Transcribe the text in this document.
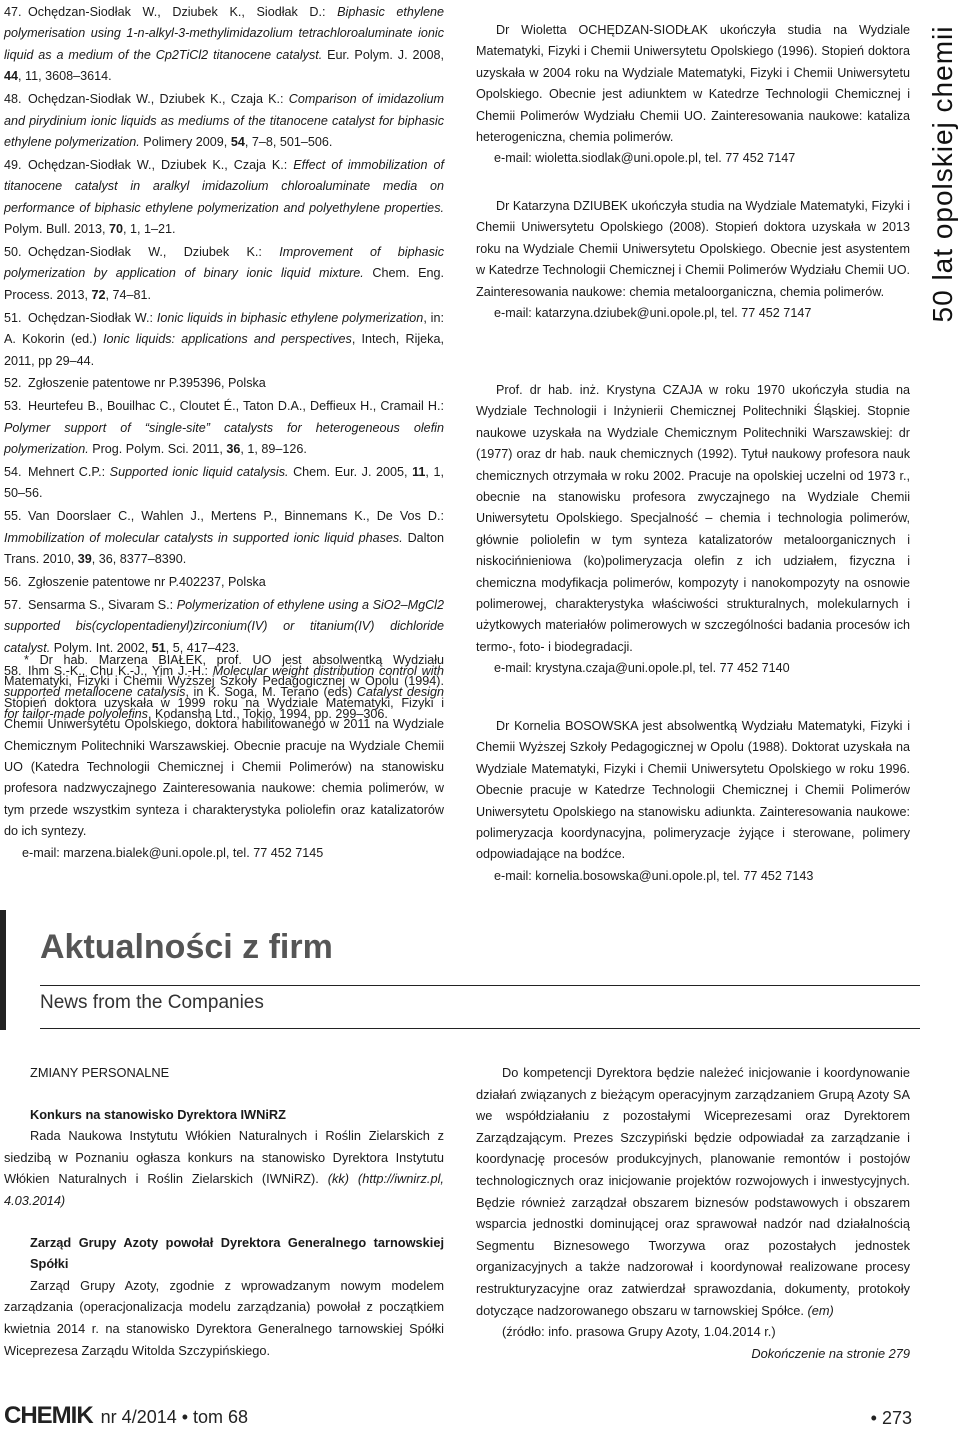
50 lat opolskiej chemii

47. Ochędzan-Siodłak W., Dziubek K., Siodłak D.: Biphasic ethylene polymerisation using 1-n-alkyl-3-methylimidazolium tetrachloroaluminate ionic liquid as a medium of the Cp2TiCl2 titanocene catalyst. Eur. Polym. J. 2008, 44, 11, 3608–3614.

48. Ochędzan-Siodłak W., Dziubek K., Czaja K.: Comparison of imidazolium and pirydinium ionic liquids as mediums of the titanocene catalyst for biphasic ethylene polymerization. Polimery 2009, 54, 7–8, 501–506.

49. Ochędzan-Siodłak W., Dziubek K., Czaja K.: Effect of immobilization of titanocene catalyst in aralkyl imidazolium chloroaluminate media on performance of biphasic ethylene polymerization and polyethylene properties. Polym. Bull. 2013, 70, 1, 1–21.

50. Ochędzan-Siodłak W., Dziubek K.: Improvement of biphasic polymerization by application of binary ionic liquid mixture. Chem. Eng. Process. 2013, 72, 74–81.

51. Ochędzan-Siodłak W.: Ionic liquids in biphasic ethylene polymerization, in: A. Kokorin (ed.) Ionic liquids: applications and perspectives, Intech, Rijeka, 2011, pp 29–44.

52. Zgłoszenie patentowe nr P.395396, Polska

53. Heurtefeu B., Bouilhac C., Cloutet É., Taton D.A., Deffieux H., Cramail H.: Polymer support of “single-site” catalysts for heterogeneous olefin polymerization. Prog. Polym. Sci. 2011, 36, 1, 89–126.

54. Mehnert C.P.: Supported ionic liquid catalysis. Chem. Eur. J. 2005, 11, 1, 50–56.

55. Van Doorslaer C., Wahlen J., Mertens P., Binnemans K., De Vos D.: Immobilization of molecular catalysts in supported ionic liquid phases. Dalton Trans. 2010, 39, 36, 8377–8390.

56. Zgłoszenie patentowe nr P.402237, Polska

57. Sensarma S., Sivaram S.: Polymerization of ethylene using a SiO2–MgCl2 supported bis(cyclopentadienyl)zirconium(IV) or titanium(IV) dichloride catalyst. Polym. Int. 2002, 51, 5, 417–423.

58. Ihm S.-K., Chu K.-J., Yim J.-H.: Molecular weight distribution control with supported metallocene catalysis, in K. Soga, M. Terano (eds) Catalyst design for tailor-made polyolefins, Kodansha Ltd., Tokio, 1994, pp. 299–306.

* Dr hab. Marzena BIAŁEK, prof. UO jest absolwentką Wydziału Matematyki, Fizyki i Chemii Wyższej Szkoły Pedagogicznej w Opolu (1994). Stopień doktora uzyskała w 1999 roku na Wydziale Matematyki, Fizyki i Chemii Uniwersytetu Opolskiego, doktora habilitowanego w 2011 na Wydziale Chemicznym Politechniki Warszawskiej. Obecnie pracuje na Wydziale Chemii UO (Katedra Technologii Chemicznej i Chemii Polimerów) na stanowisku profesora nadzwyczajnego Zainteresowania naukowe: chemia polimerów, w tym przede wszystkim synteza i charakterystyka poliolefin oraz katalizatorów do ich syntezy.

e-mail: marzena.bialek@uni.opole.pl, tel. 77 452 7145

Dr Wioletta OCHĘDZAN-SIODŁAK ukończyła studia na Wydziale Matematyki, Fizyki i Chemii Uniwersytetu Opolskiego (1996). Stopień doktora uzyskała w 2004 roku na Wydziale Matematyki, Fizyki i Chemii Uniwersytetu Opolskiego. Obecnie jest adiunktem w Katedrze Technologii Chemicznej i Chemii Polimerów Wydziału Chemii UO. Zainteresowania naukowe: kataliza heterogeniczna, chemia polimerów.

e-mail: wioletta.siodlak@uni.opole.pl, tel. 77 452 7147

Dr Katarzyna DZIUBEK ukończyła studia na Wydziale Matematyki, Fizyki i Chemii Uniwersytetu Opolskiego (2008). Stopień doktora uzyskała w 2013 roku na Wydziale Chemii Uniwersytetu Opolskiego. Obecnie jest asystentem w Katedrze Technologii Chemicznej i Chemii Polimerów Wydziału Chemii UO. Zainteresowania naukowe: chemia metaloorganiczna, chemia polimerów.

e-mail: katarzyna.dziubek@uni.opole.pl, tel. 77 452 7147

Prof. dr hab. inż. Krystyna CZAJA w roku 1970 ukończyła studia na Wydziale Technologii i Inżynierii Chemicznej Politechniki Śląskiej. Stopnie naukowe uzyskała na Wydziale Chemicznym Politechniki Warszawskiej: dr (1977) oraz dr hab. nauk chemicznych (1992). Tytuł naukowy profesora nauk chemicznych otrzymała w roku 2002. Pracuje na opolskiej uczelni od 1973 r., obecnie na stanowisku profesora zwyczajnego na Wydziale Chemii Uniwersytetu Opolskiego. Specjalność – chemia i technologia polimerów, głównie poliolefin w tym synteza katalizatorów metaloorganicznych i niskocińnieniowa (ko)polimeryzacja olefin z ich udziałem, fizyczna i chemiczna modyfikacja polimerów, kompozyty i nanokompozyty na osnowie polimerowej, charakterystyka właściwości strukturalnych, molekularnych i użytkowych materiałów polimerowych w szczególności badania procesów ich termo-, foto- i biodegradacji.

e-mail: krystyna.czaja@uni.opole.pl, tel. 77 452 7140

Dr Kornelia BOSOWSKA jest absolwentką Wydziału Matematyki, Fizyki i Chemii Wyższej Szkoły Pedagogicznej w Opolu (1988). Doktorat uzyskała na Wydziale Matematyki, Fizyki i Chemii Uniwersytetu Opolskiego w roku 1996. Obecnie pracuje w Katedrze Technologii Chemicznej i Chemii Polimerów Uniwersytetu Opolskiego na stanowisku adiunkta. Zainteresowania naukowe: polimeryzacja koordynacyjna, polimeryzacje żyjące i sterowane, polimery odpowiadające na bodźce.

e-mail: kornelia.bosowska@uni.opole.pl, tel. 77 452 7143

Aktualności z firm
News from the Companies

ZMIANY PERSONALNE

Konkurs na stanowisko Dyrektora IWNiRZ

Rada Naukowa Instytutu Włókien Naturalnych i Roślin Zielarskich z siedzibą w Poznaniu ogłasza konkurs na stanowisko Dyrektora Instytutu Włókien Naturalnych i Roślin Zielarskich (IWNiRZ). (kk) (http://iwnirz.pl, 4.03.2014)

Zarząd Grupy Azoty powołał Dyrektora Generalnego tarnowskiej Spółki

Zarząd Grupy Azoty, zgodnie z wprowadzanym nowym modelem zarządzania (operacjonalizacja modelu zarządzania) powołał z początkiem kwietnia 2014 r. na stanowisko Dyrektora Generalnego tarnowskiej Spółki Wiceprezesa Zarządu Witolda Szczypińskiego.

Do kompetencji Dyrektora będzie należeć inicjowanie i koordynowanie działań związanych z bieżącym operacyjnym zarządzaniem Grupą Azoty SA we współdziałaniu z pozostałymi Wiceprezesami oraz Dyrektorem Zarządzającym. Prezes Szczypiński będzie odpowiadał za zarządzanie i koordynację procesów produkcyjnych, planowanie remontów i postojów technologicznych oraz inicjowanie projektów rozwojowych i inwestycyjnych. Będzie również zarządzał obszarem biznesów podstawowych i obszarem wsparcia jednostki dominującej oraz sprawował nadzór nad działalnością Segmentu Biznesowego Tworzywa oraz pozostałych jednostek organizacyjnych a także nadzorował i koordynował realizowane procesy restrukturyzacyjne oraz zatwierdzał sprawozdania, dokumenty, protokoły dotyczące nadzorowanego obszaru w tarnowskiej Spółce. (em)

(źródło: info. prasowa Grupy Azoty, 1.04.2014 r.)

Dokończenie na stronie 279

CHEMIK nr 4/2014 • tom 68	• 273
